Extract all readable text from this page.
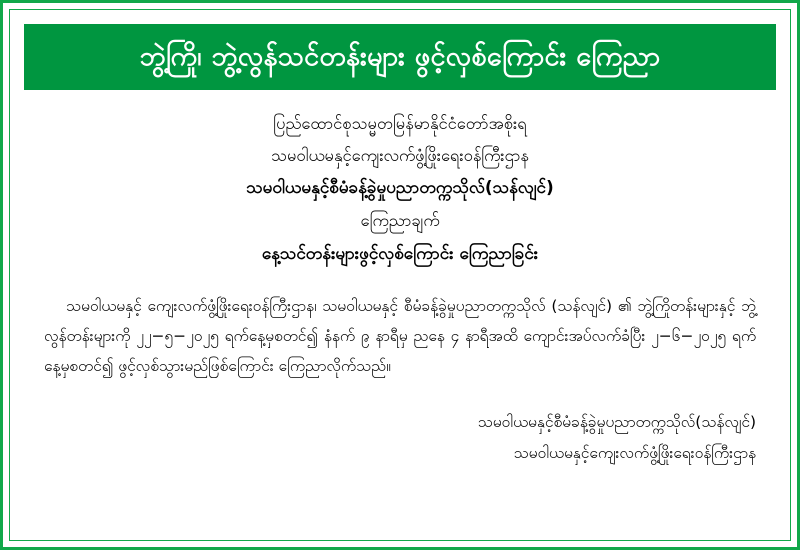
ဘွဲ့ကြို၊ ဘွဲ့လွန်သင်တန်းများ ဖွင့်လှစ်ကြောင်း ကြေညာ
ပြည်ထောင်စုသမ္မတမြန်မာနိုင်ငံတော်အစိုးရ
သမဝါယမနှင့်ကျေးလက်ဖွံ့ဖြိုးရေးဝန်ကြီးဌာန
သမဝါယမနှင့်စီမံခန့်ခွဲမှုပညာတက္ကသိုလ်(သန်လျင်)
ကြေညာချက်
နေ့သင်တန်းများဖွင့်လှစ်ကြောင်း ကြေညာခြင်း
သမဝါယမနှင့် ကျေးလက်ဖွံ့ဖြိုးရေးဝန်ကြီးဌာန၊ သမဝါယမနှင့် စီမံခန့်ခွဲမှုပညာတက္ကသိုလ် (သန်လျင်) ၏ ဘွဲ့ကြိုတန်းများနှင့် ဘွဲ့လွန်တန်းများကို ၂၂−၅−၂၀၂၅ ရက်နေ့မှစတင်၍ နံနက် ၉ နာရီမှ ညနေ ၄ နာရီအထိ ကျောင်းအပ်လက်ခံပြီး ၂−၆−၂၀၂၅ ရက်နေ့မှစတင်၍ ဖွင့်လှစ်သွားမည်ဖြစ်ကြောင်း ကြေညာလိုက်သည်။
သမဝါယမနှင့်စီမံခန့်ခွဲမှုပညာတက္ကသိုလ်(သန်လျင်)
သမဝါယမနှင့်ကျေးလက်ဖွံ့ဖြိုးရေးဝန်ကြီးဌာန
